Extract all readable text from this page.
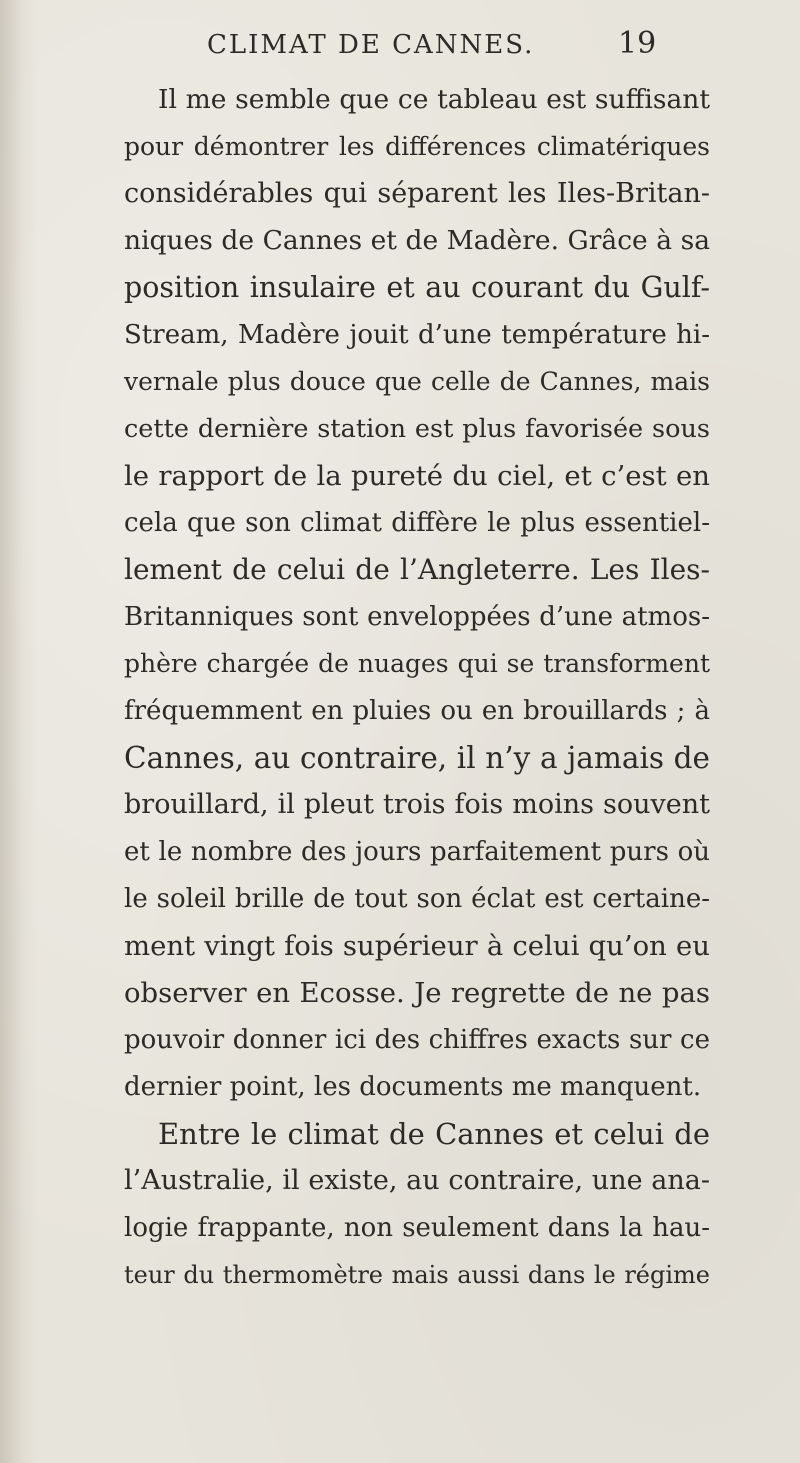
CLIMAT DE CANNES.	19
Il me semble que ce tableau est suffisant
pour démontrer les différences climatériques
considérables qui séparent les Iles-Britan-
niques de Cannes et de Madère. Grâce à sa
position insulaire et au courant du Gulf-
Stream, Madère jouit d’une température hi-
vernale plus douce que celle de Cannes, mais
cette dernière station est plus favorisée sous
le rapport de la pureté du ciel, et c’est en
cela que son climat diffère le plus essentiel-
lement de celui de l’Angleterre. Les Iles-
Britanniques sont enveloppées d’une atmos-
phère chargée de nuages qui se transforment
fréquemment en pluies ou en brouillards ; à
Cannes, au contraire, il n’y a jamais de
brouillard, il pleut trois fois moins souvent
et le nombre des jours parfaitement purs où
le soleil brille de tout son éclat est certaine-
ment vingt fois supérieur à celui qu’on eu
observer en Ecosse. Je regrette de ne pas
pouvoir donner ici des chiffres exacts sur ce
dernier point, les documents me manquent.
Entre le climat de Cannes et celui de
l’Australie, il existe, au contraire, une ana-
logie frappante, non seulement dans la hau-
teur du thermomètre mais aussi dans le régime
